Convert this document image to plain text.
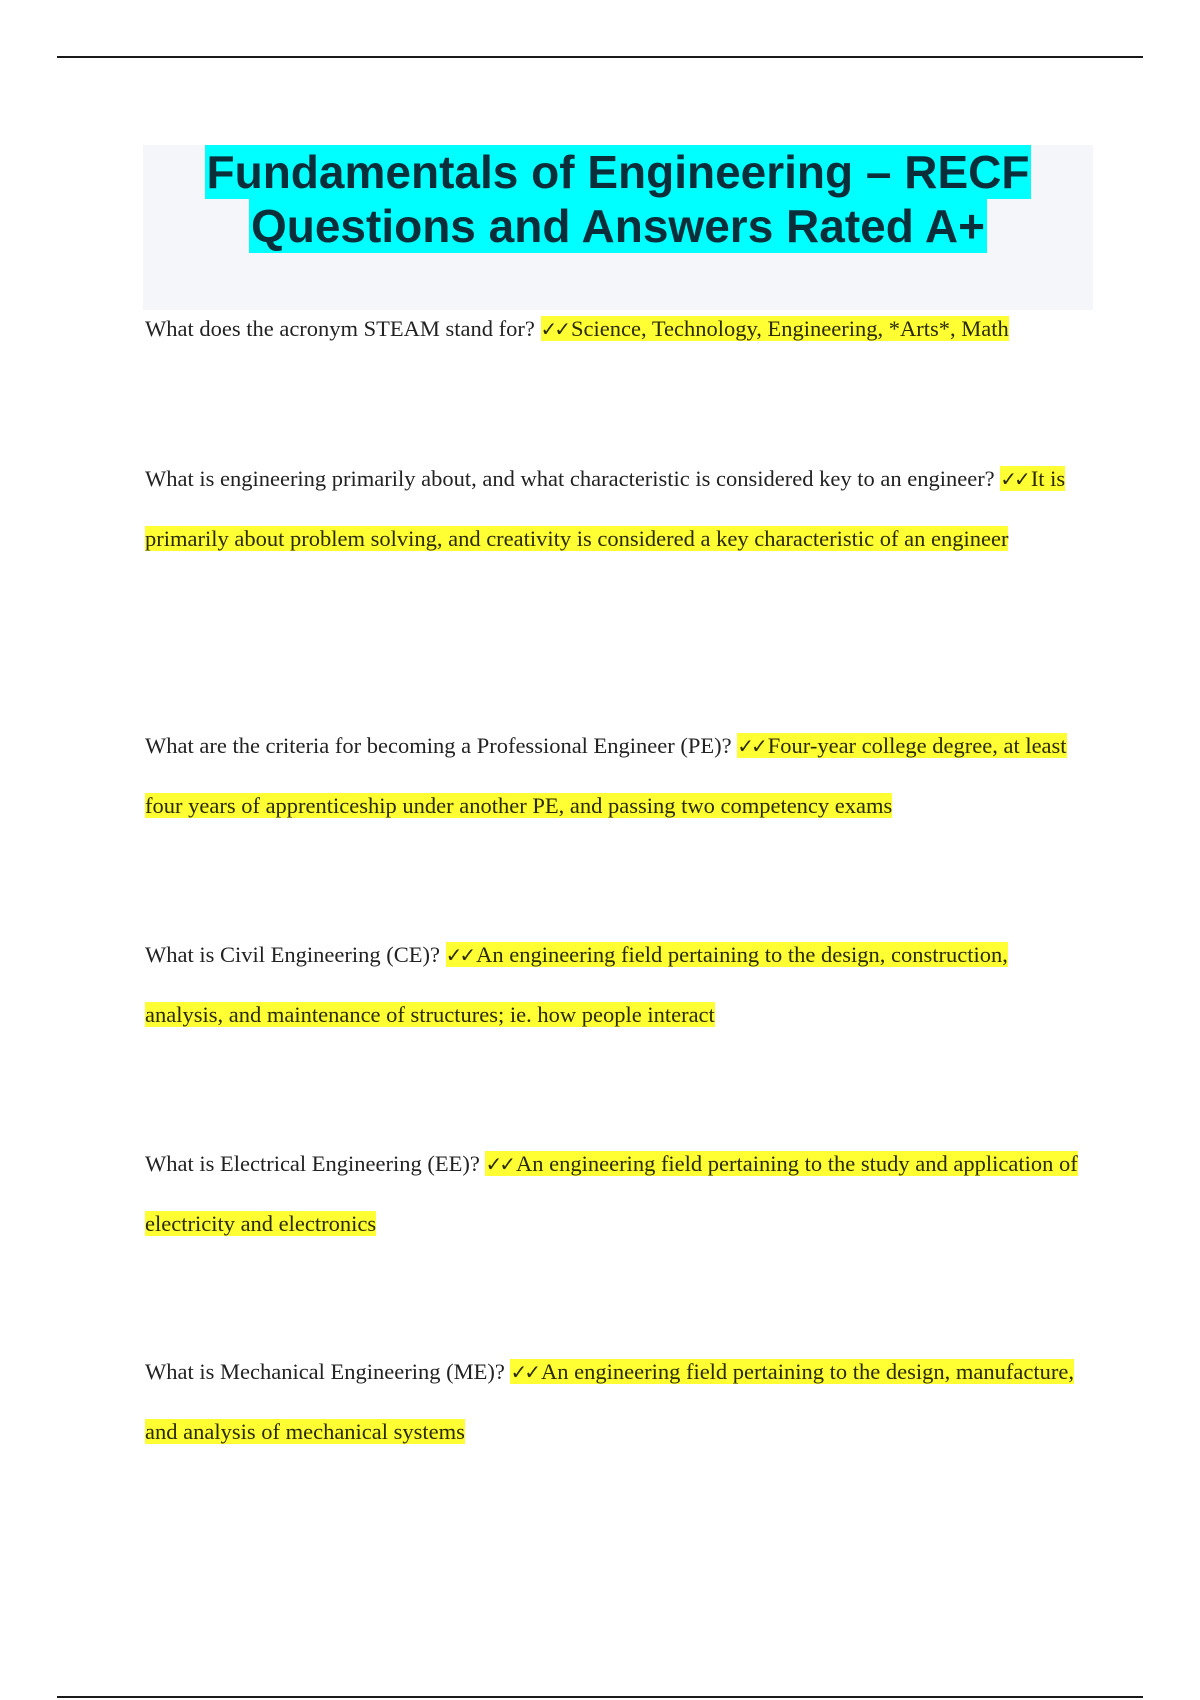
Fundamentals of Engineering – RECF
Questions and Answers Rated A+

What does the acronym STEAM stand for? ✓✓ Science, Technology, Engineering, *Arts*, Math

What is engineering primarily about, and what characteristic is considered key to an engineer? ✓✓ It is primarily about problem solving, and creativity is considered a key characteristic of an engineer

What are the criteria for becoming a Professional Engineer (PE)? ✓✓ Four-year college degree, at least four years of apprenticeship under another PE, and passing two competency exams

What is Civil Engineering (CE)? ✓✓ An engineering field pertaining to the design, construction, analysis, and maintenance of structures; ie. how people interact

What is Electrical Engineering (EE)? ✓✓ An engineering field pertaining to the study and application of electricity and electronics

What is Mechanical Engineering (ME)? ✓✓ An engineering field pertaining to the design, manufacture, and analysis of mechanical systems
